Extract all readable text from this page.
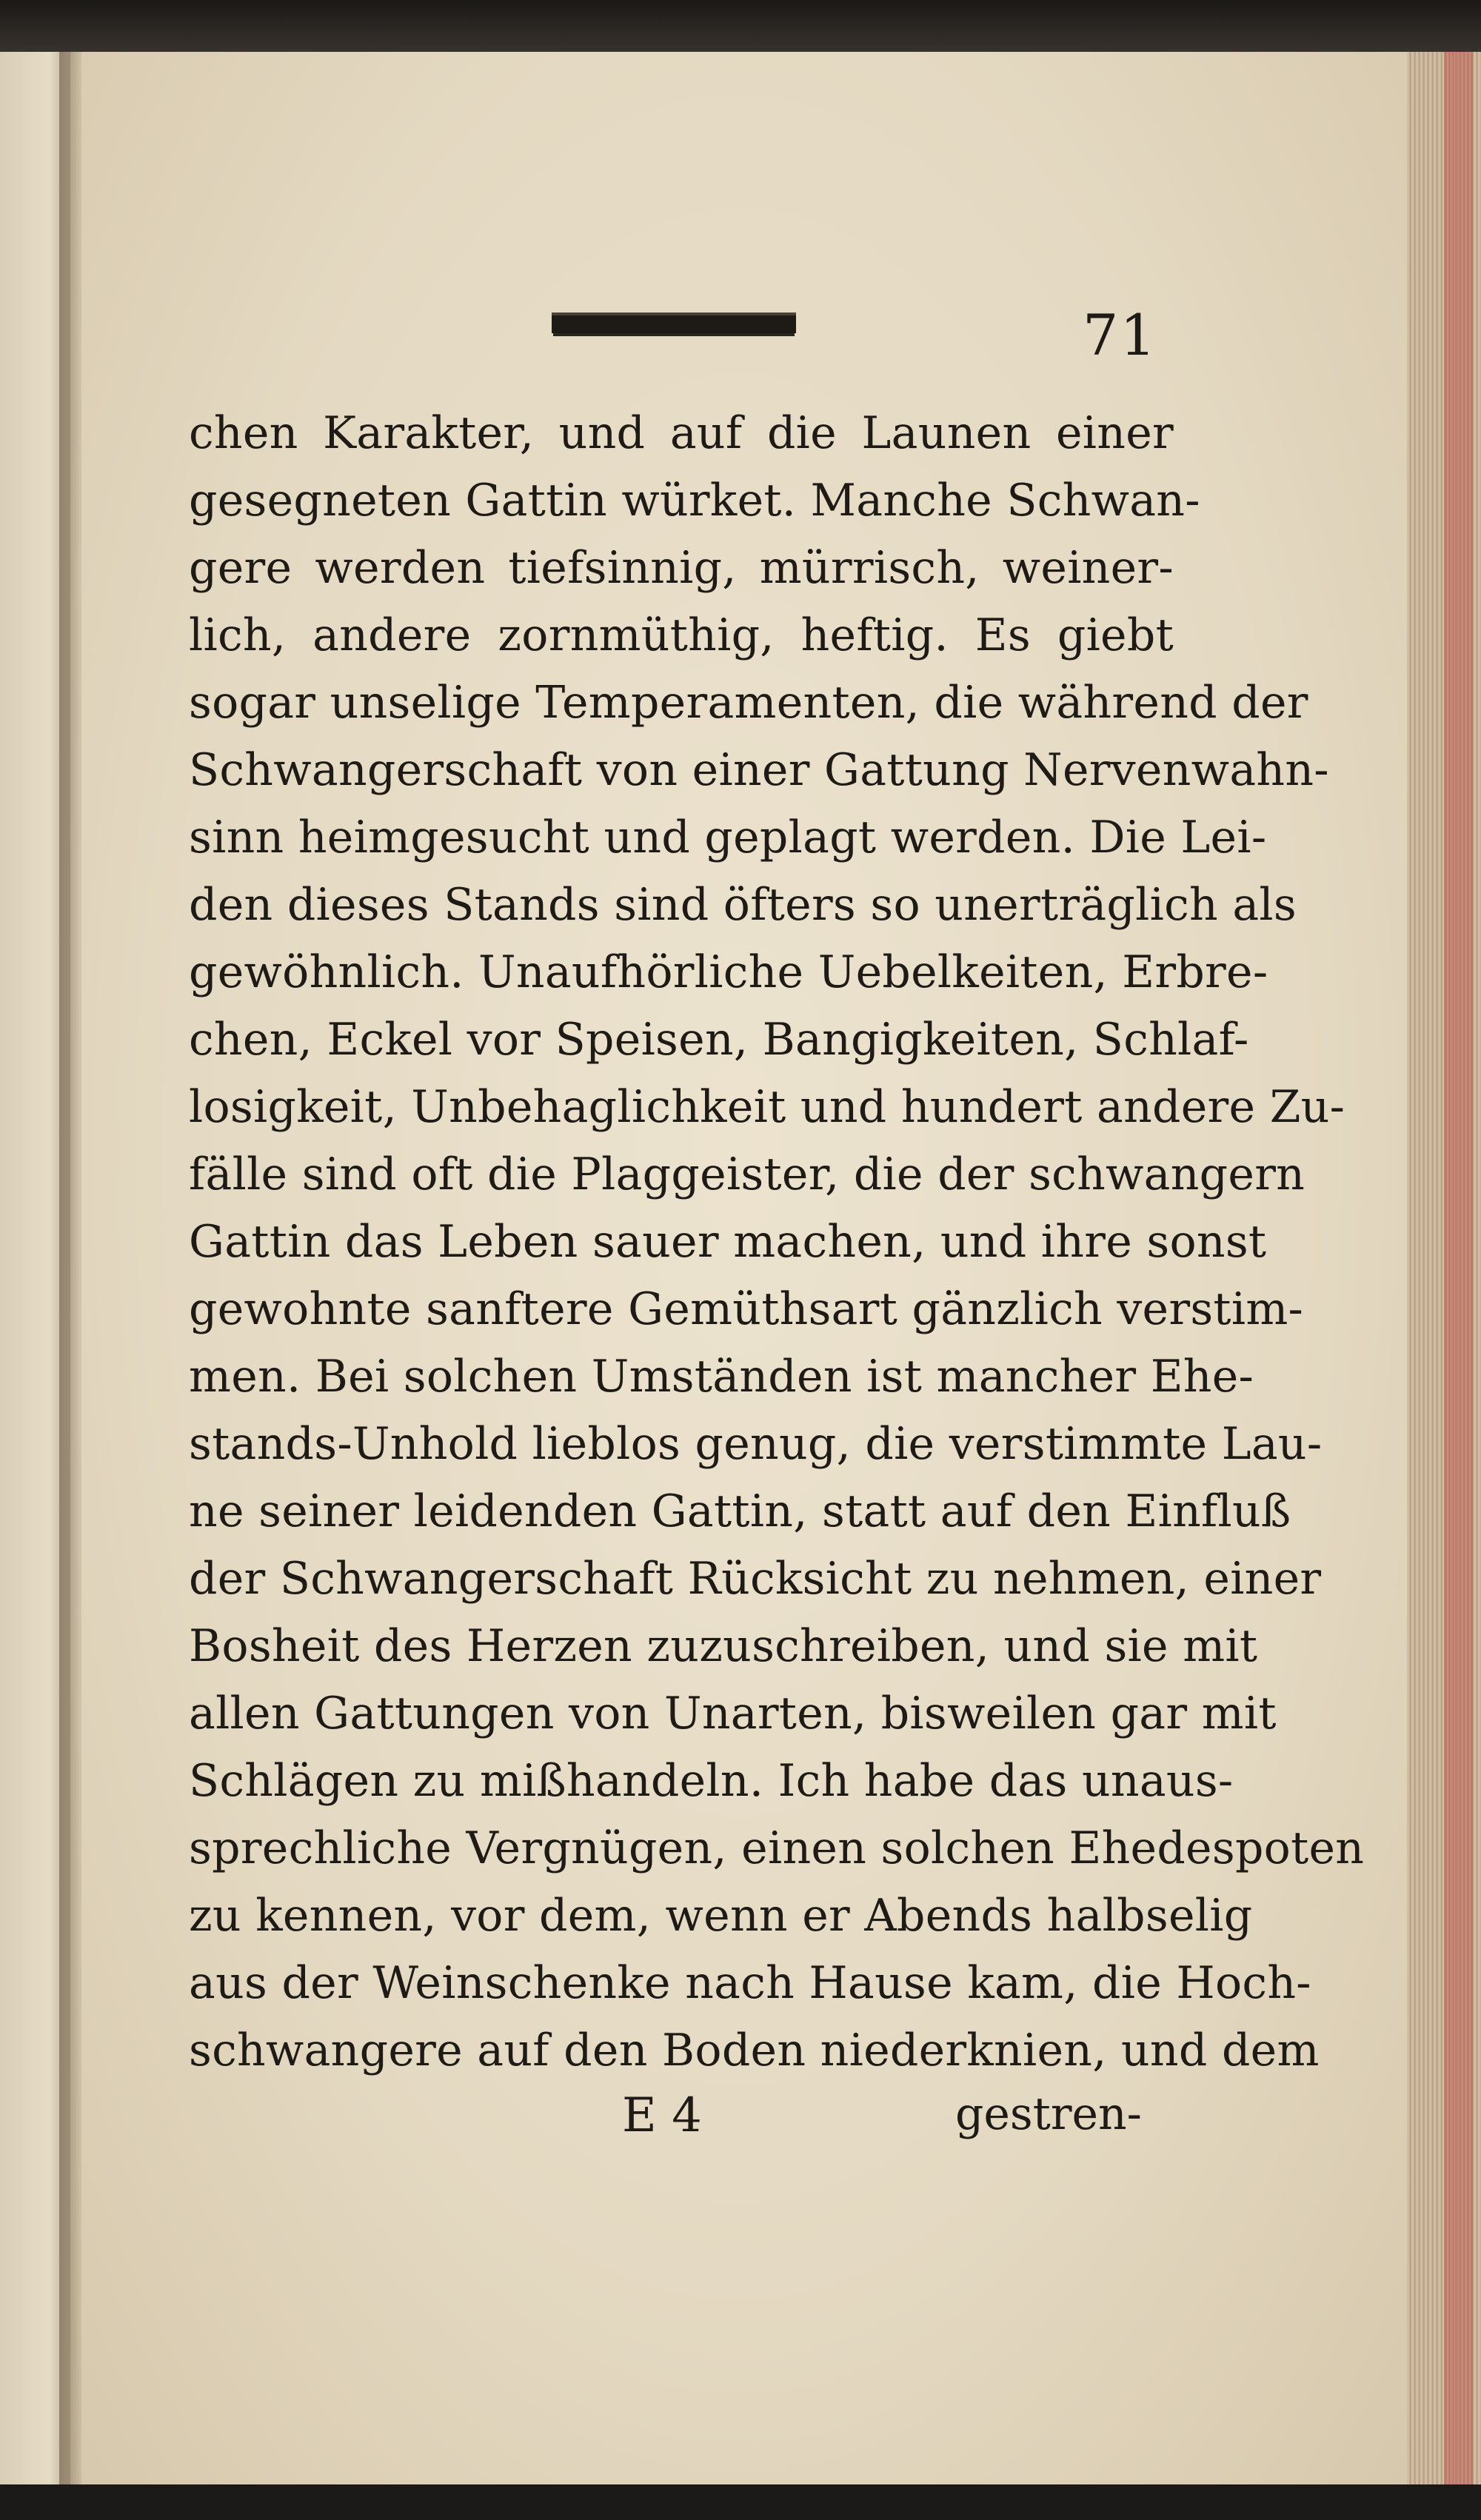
71
chen Karakter, und auf die Launen einer
gesegneten Gattin würket. Manche Schwan-
gere werden tiefsinnig, mürrisch, weiner-
lich, andere zornmüthig, heftig. Es giebt
sogar unselige Temperamenten, die während der
Schwangerschaft von einer Gattung Nervenwahn-
sinn heimgesucht und geplagt werden. Die Lei-
den dieses Stands sind öfters so unerträglich als
gewöhnlich. Unaufhörliche Uebelkeiten, Erbre-
chen, Eckel vor Speisen, Bangigkeiten, Schlaf-
losigkeit, Unbehaglichkeit und hundert andere Zu-
fälle sind oft die Plaggeister, die der schwangern
Gattin das Leben sauer machen, und ihre sonst
gewohnte sanftere Gemüthsart gänzlich verstim-
men. Bei solchen Umständen ist mancher Ehe-
stands-Unhold lieblos genug, die verstimmte Lau-
ne seiner leidenden Gattin, statt auf den Einfluß
der Schwangerschaft Rücksicht zu nehmen, einer
Bosheit des Herzen zuzuschreiben, und sie mit
allen Gattungen von Unarten, bisweilen gar mit
Schlägen zu mißhandeln. Ich habe das unaus-
sprechliche Vergnügen, einen solchen Ehedespoten
zu kennen, vor dem, wenn er Abends halbselig
aus der Weinschenke nach Hause kam, die Hoch-
schwangere auf den Boden niederknien, und dem
E 4	gestren-
